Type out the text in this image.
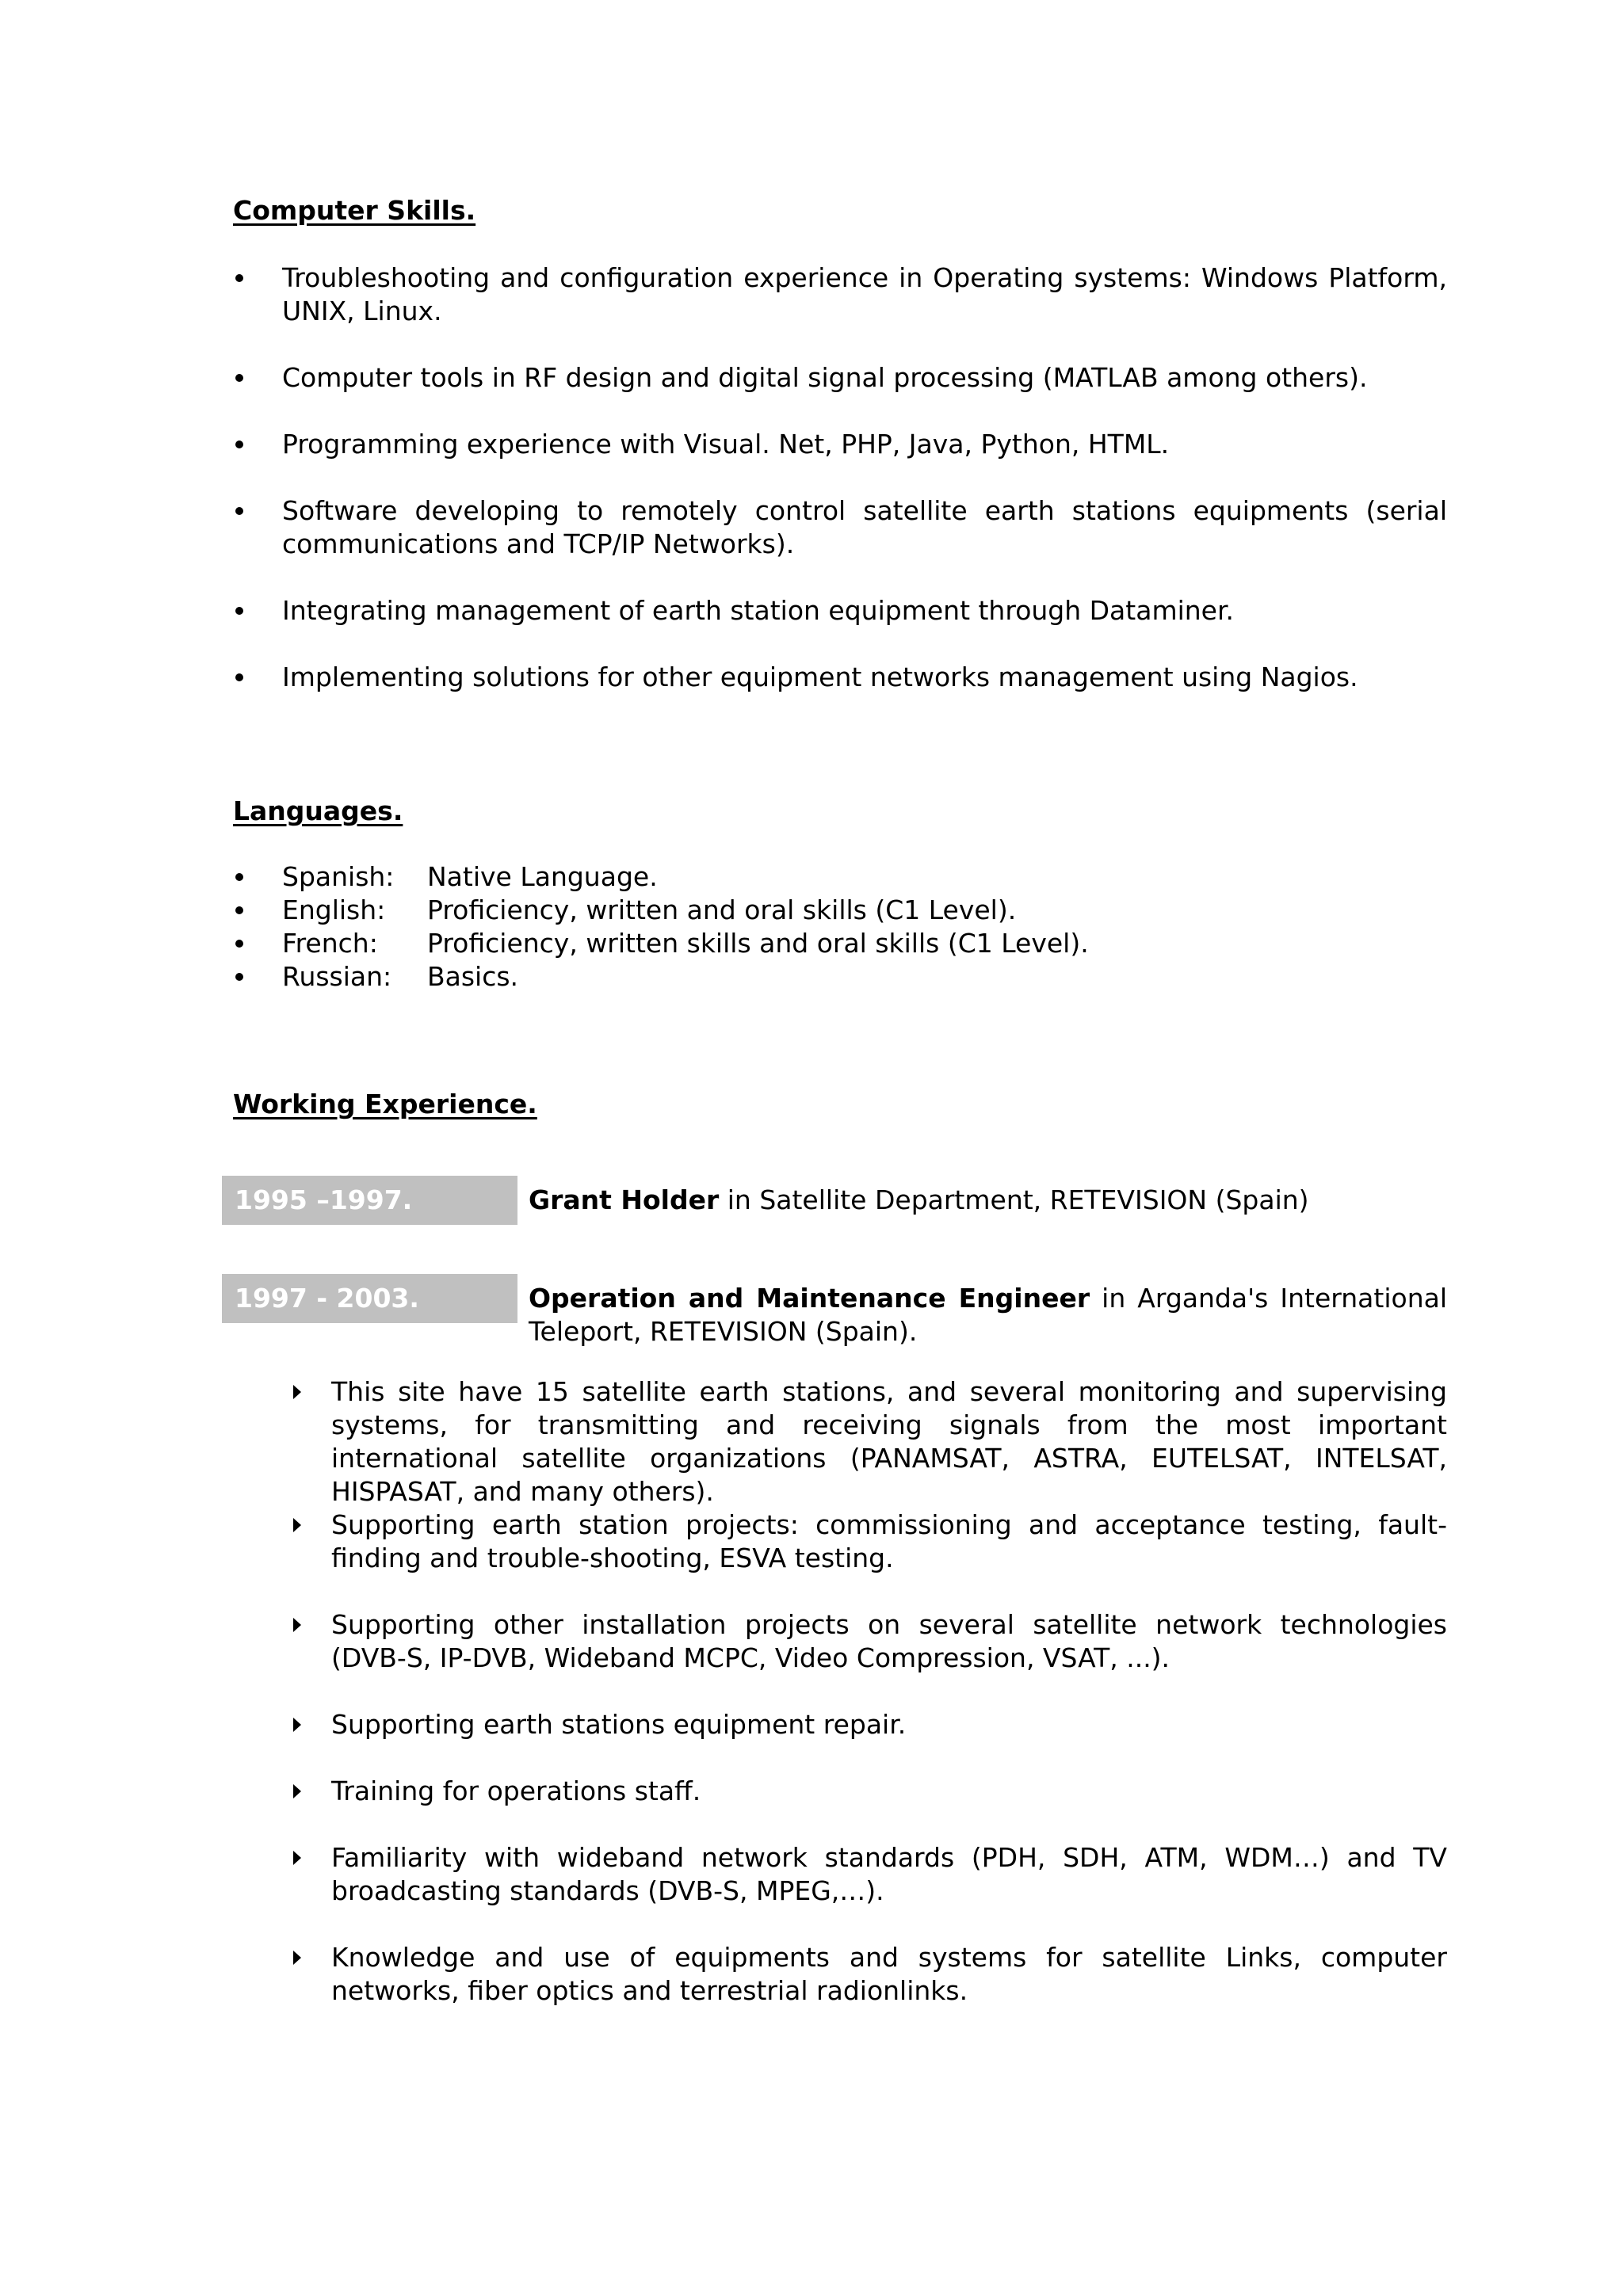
Computer Skills.
Troubleshooting and configuration experience in Operating systems: Windows Platform, UNIX, Linux.
Computer tools in RF design and digital signal processing (MATLAB among others).
Programming experience with Visual. Net, PHP, Java, Python, HTML.
Software developing to remotely control satellite earth stations equipments (serial communications and TCP/IP Networks).
Integrating management of earth station equipment through Dataminer.
Implementing solutions for other equipment networks management using Nagios.
Languages.
Spanish: Native Language.
English: Proficiency, written and oral skills (C1 Level).
French: Proficiency, written skills and oral skills (C1 Level).
Russian: Basics.
Working Experience.
1995 –1997.	Grant Holder in Satellite Department, RETEVISION (Spain)
1997 - 2003.	Operation and Maintenance Engineer in Arganda's International Teleport, RETEVISION (Spain).
This site have 15 satellite earth stations, and several monitoring and supervising systems, for transmitting and receiving signals from the most important international satellite organizations (PANAMSAT, ASTRA, EUTELSAT, INTELSAT, HISPASAT, and many others).
Supporting earth station projects: commissioning and acceptance testing, fault-finding and trouble-shooting, ESVA testing.
Supporting other installation projects on several satellite network technologies (DVB-S, IP-DVB, Wideband MCPC, Video Compression, VSAT, ...).
Supporting earth stations equipment repair.
Training for operations staff.
Familiarity with wideband network standards (PDH, SDH, ATM, WDM…) and TV broadcasting standards (DVB-S, MPEG,…).
Knowledge and use of equipments and systems for satellite Links, computer networks, fiber optics and terrestrial radionlinks.
